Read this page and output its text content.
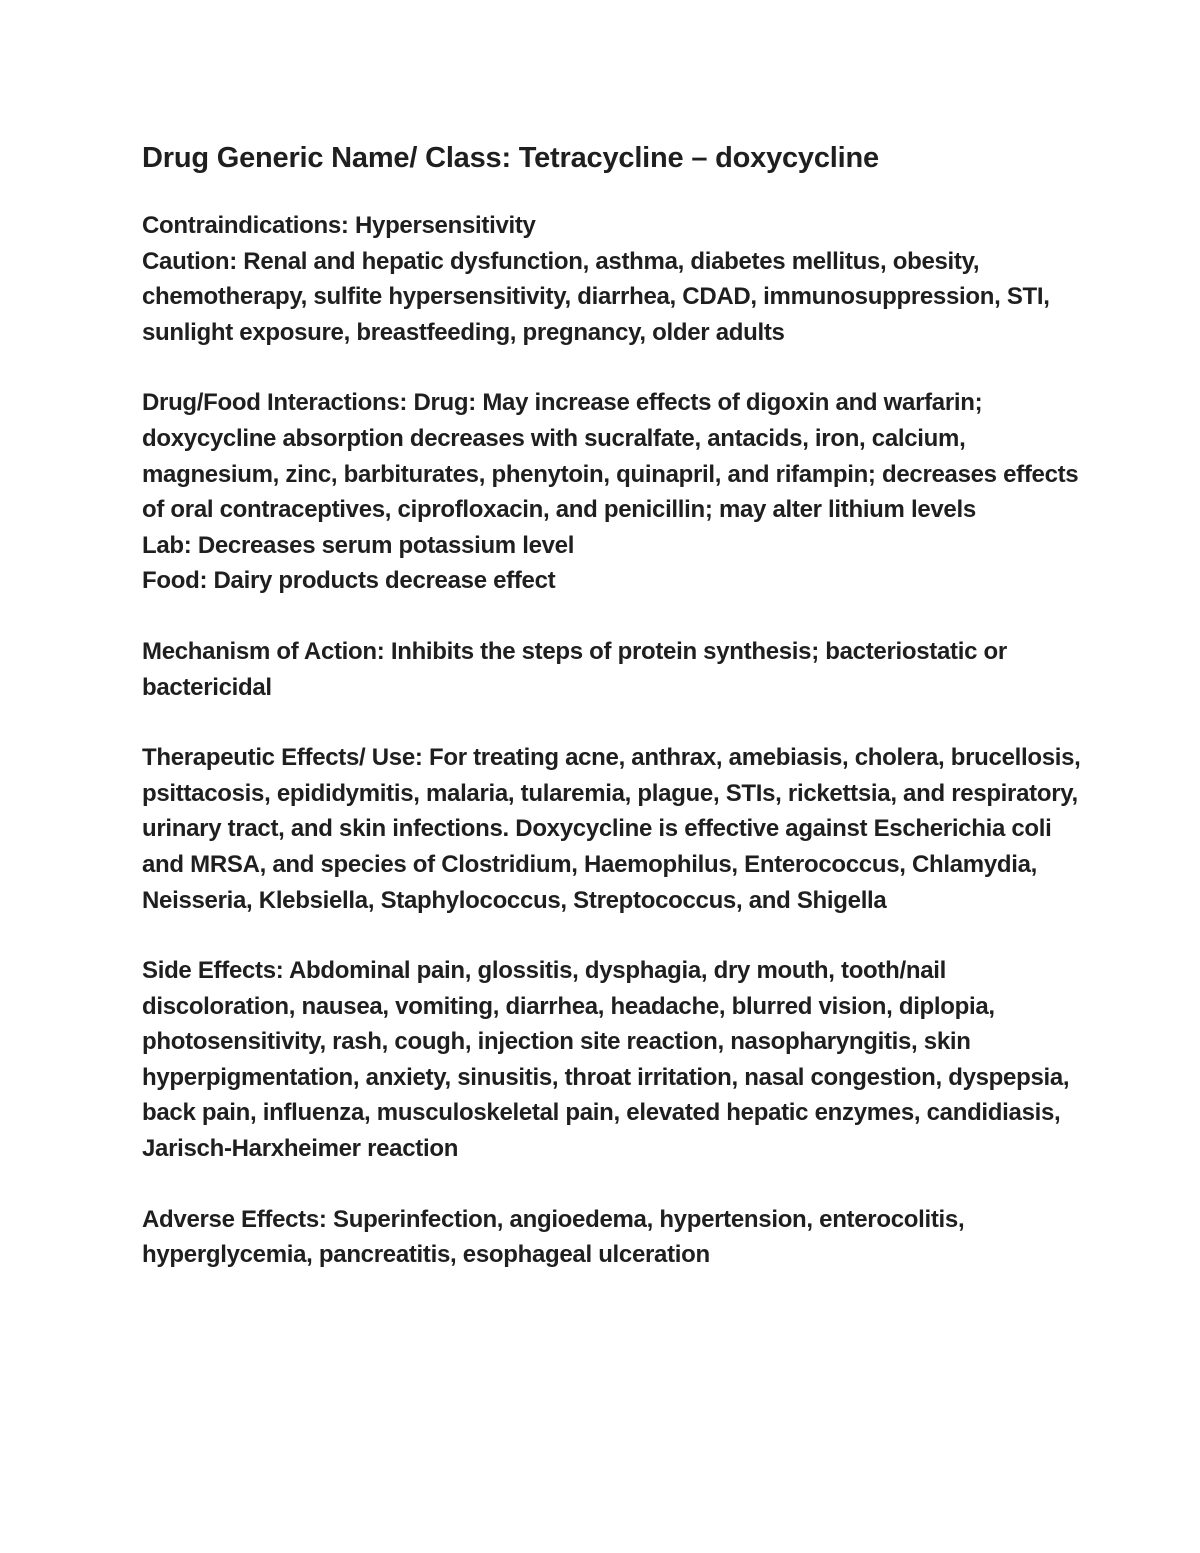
Drug Generic Name/ Class: Tetracycline – doxycycline

Contraindications: Hypersensitivity

Caution: Renal and hepatic dysfunction, asthma, diabetes mellitus, obesity, chemotherapy, sulfite hypersensitivity, diarrhea, CDAD, immunosuppression, STI, sunlight exposure, breastfeeding, pregnancy, older adults

Drug/Food Interactions: Drug: May increase effects of digoxin and warfarin; doxycycline absorption decreases with sucralfate, antacids, iron, calcium, magnesium, zinc, barbiturates, phenytoin, quinapril, and rifampin; decreases effects of oral contraceptives, ciprofloxacin, and penicillin; may alter lithium levels

Lab: Decreases serum potassium level

Food: Dairy products decrease effect

Mechanism of Action: Inhibits the steps of protein synthesis; bacteriostatic or bactericidal

Therapeutic Effects/ Use: For treating acne, anthrax, amebiasis, cholera, brucellosis, psittacosis, epididymitis, malaria, tularemia, plague, STIs, rickettsia, and respiratory, urinary tract, and skin infections. Doxycycline is effective against Escherichia coli and MRSA, and species of Clostridium, Haemophilus, Enterococcus, Chlamydia, Neisseria, Klebsiella, Staphylococcus, Streptococcus, and Shigella

Side Effects: Abdominal pain, glossitis, dysphagia, dry mouth, tooth/nail discoloration, nausea, vomiting, diarrhea, headache, blurred vision, diplopia, photosensitivity, rash, cough, injection site reaction, nasopharyngitis, skin hyperpigmentation, anxiety, sinusitis, throat irritation, nasal congestion, dyspepsia, back pain, influenza, musculoskeletal pain, elevated hepatic enzymes, candidiasis, Jarisch-Harxheimer reaction

Adverse Effects: Superinfection, angioedema, hypertension, enterocolitis, hyperglycemia, pancreatitis, esophageal ulceration
